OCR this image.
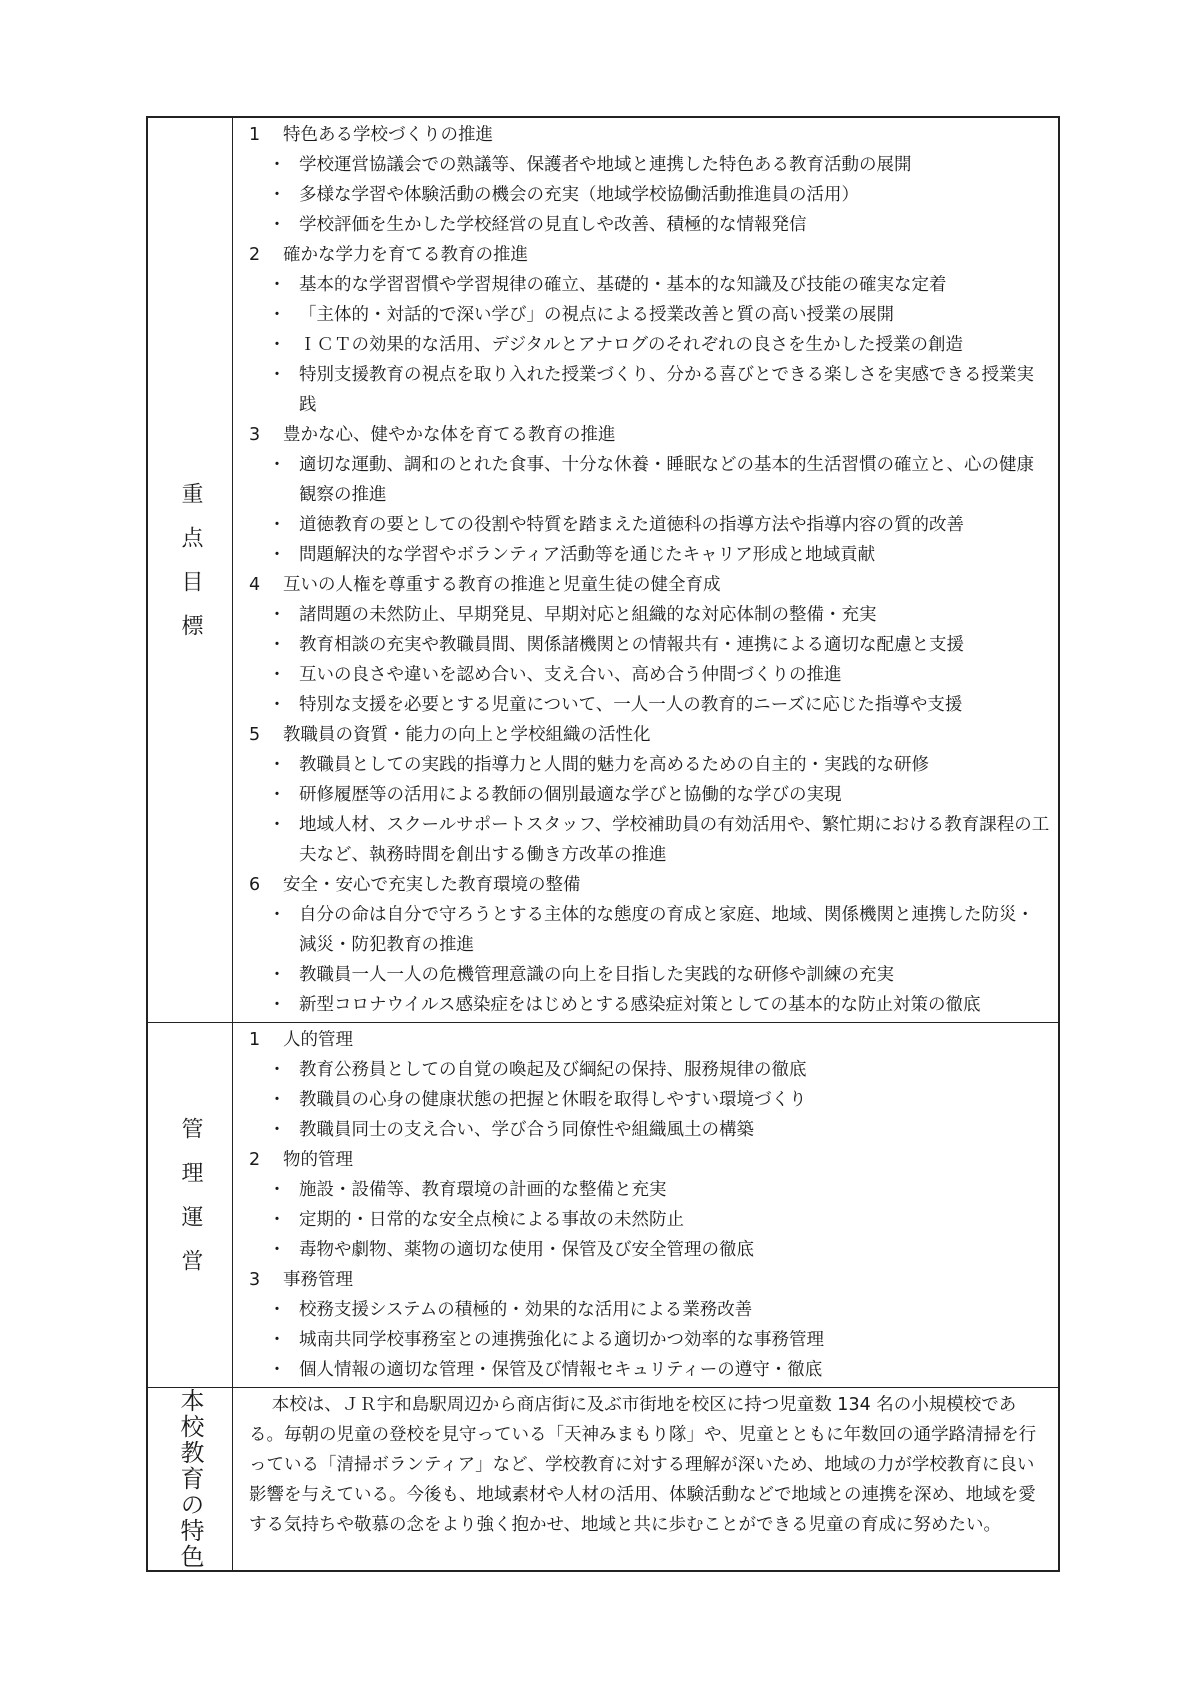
重点目標
1 特色ある学校づくりの推進
・ 学校運営協議会での熟議等、保護者や地域と連携した特色ある教育活動の展開
・ 多様な学習や体験活動の機会の充実（地域学校協働活動推進員の活用）
・ 学校評価を生かした学校経営の見直しや改善、積極的な情報発信
2 確かな学力を育てる教育の推進
・ 基本的な学習習慣や学習規律の確立、基礎的・基本的な知識及び技能の確実な定着
・ 「主体的・対話的で深い学び」の視点による授業改善と質の高い授業の展開
・ ＩＣＴの効果的な活用、デジタルとアナログのそれぞれの良さを生かした授業の創造
・ 特別支援教育の視点を取り入れた授業づくり、分かる喜びとできる楽しさを実感できる授業実践
3 豊かな心、健やかな体を育てる教育の推進
・ 適切な運動、調和のとれた食事、十分な休養・睡眠などの基本的生活習慣の確立と、心の健康観察の推進
・ 道徳教育の要としての役割や特質を踏まえた道徳科の指導方法や指導内容の質的改善
・ 問題解決的な学習やボランティア活動等を通じたキャリア形成と地域貢献
4 互いの人権を尊重する教育の推進と児童生徒の健全育成
・ 諸問題の未然防止、早期発見、早期対応と組織的な対応体制の整備・充実
・ 教育相談の充実や教職員間、関係諸機関との情報共有・連携による適切な配慮と支援
・ 互いの良さや違いを認め合い、支え合い、高め合う仲間づくりの推進
・ 特別な支援を必要とする児童について、一人一人の教育的ニーズに応じた指導や支援
5 教職員の資質・能力の向上と学校組織の活性化
・ 教職員としての実践的指導力と人間的魅力を高めるための自主的・実践的な研修
・ 研修履歴等の活用による教師の個別最適な学びと協働的な学びの実現
・ 地域人材、スクールサポートスタッフ、学校補助員の有効活用や、繁忙期における教育課程の工夫など、執務時間を創出する働き方改革の推進
6 安全・安心で充実した教育環境の整備
・ 自分の命は自分で守ろうとする主体的な態度の育成と家庭、地域、関係機関と連携した防災・減災・防犯教育の推進
・ 教職員一人一人の危機管理意識の向上を目指した実践的な研修や訓練の充実
・ 新型コロナウイルス感染症をはじめとする感染症対策としての基本的な防止対策の徹底
管理運営
1 人的管理
・ 教育公務員としての自覚の喚起及び綱紀の保持、服務規律の徹底
・ 教職員の心身の健康状態の把握と休暇を取得しやすい環境づくり
・ 教職員同士の支え合い、学び合う同僚性や組織風土の構築
2 物的管理
・ 施設・設備等、教育環境の計画的な整備と充実
・ 定期的・日常的な安全点検による事故の未然防止
・ 毒物や劇物、薬物の適切な使用・保管及び安全管理の徹底
3 事務管理
・ 校務支援システムの積極的・効果的な活用による業務改善
・ 城南共同学校事務室との連携強化による適切かつ効率的な事務管理
・ 個人情報の適切な管理・保管及び情報セキュリティーの遵守・徹底
本校教育の特色	本校は、ＪＲ宇和島駅周辺から商店街に及ぶ市街地を校区に持つ児童数 134 名の小規模校である。毎朝の児童の登校を見守っている「天神みまもり隊」や、児童とともに年数回の通学路清掃を行っている「清掃ボランティア」など、学校教育に対する理解が深いため、地域の力が学校教育に良い影響を与えている。今後も、地域素材や人材の活用、体験活動などで地域との連携を深め、地域を愛する気持ちや敬慕の念をより強く抱かせ、地域と共に歩むことができる児童の育成に努めたい。
